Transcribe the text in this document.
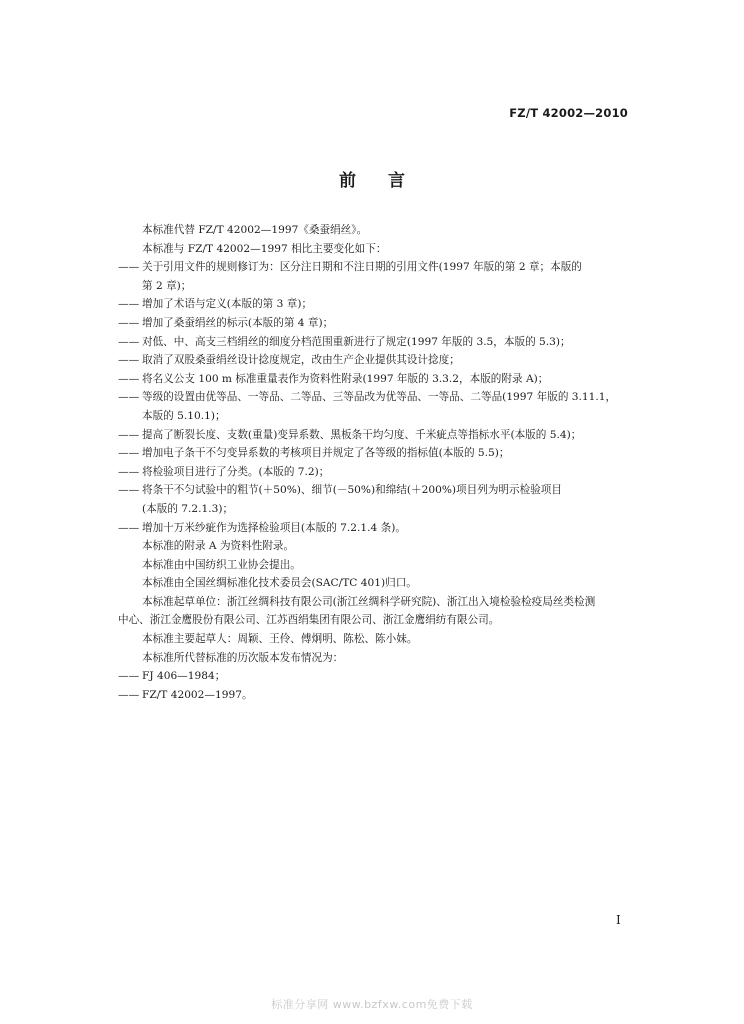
FZ/T 42002—2010
前 言
本标准代替 FZ/T 42002—1997《桑蚕绢丝》。
本标准与 FZ/T 42002—1997 相比主要变化如下：
—— 关于引用文件的规则修订为：区分注日期和不注日期的引用文件(1997 年版的第 2 章；本版的
第 2 章)；
—— 增加了术语与定义(本版的第 3 章)；
—— 增加了桑蚕绢丝的标示(本版的第 4 章)；
—— 对低、中、高支三档绢丝的细度分档范围重新进行了规定(1997 年版的 3.5，本版的 5.3)；
—— 取消了双股桑蚕绢丝设计捻度规定，改由生产企业提供其设计捻度；
—— 将名义公支 100 m 标准重量表作为资料性附录(1997 年版的 3.3.2，本版的附录 A)；
—— 等级的设置由优等品、一等品、二等品、三等品改为优等品、一等品、二等品(1997 年版的 3.11.1，
本版的 5.10.1)；
—— 提高了断裂长度、支数(重量)变异系数、黑板条干均匀度、千米疵点等指标水平(本版的 5.4)；
—— 增加电子条干不匀变异系数的考核项目并规定了各等级的指标值(本版的 5.5)；
—— 将检验项目进行了分类。(本版的 7.2)；
—— 将条干不匀试验中的粗节(＋50%)、细节(－50%)和绵结(＋200%)项目列为明示检验项目
(本版的 7.2.1.3)；
—— 增加十万米纱疵作为选择检验项目(本版的 7.2.1.4 条)。
本标准的附录 A 为资料性附录。
本标准由中国纺织工业协会提出。
本标准由全国丝绸标准化技术委员会(SAC/TC 401)归口。
本标准起草单位：浙江丝绸科技有限公司(浙江丝绸科学研究院)、浙江出入境检验检疫局丝类检测
中心、浙江金鹰股份有限公司、江苏酉绢集团有限公司、浙江金鹰绢纺有限公司。
本标准主要起草人：周颖、王伶、傅炯明、陈松、陈小妹。
本标准所代替标准的历次版本发布情况为：
—— FJ 406—1984；
—— FZ/T 42002—1997。
I
标准分享网 www.bzfxw.com免费下载
